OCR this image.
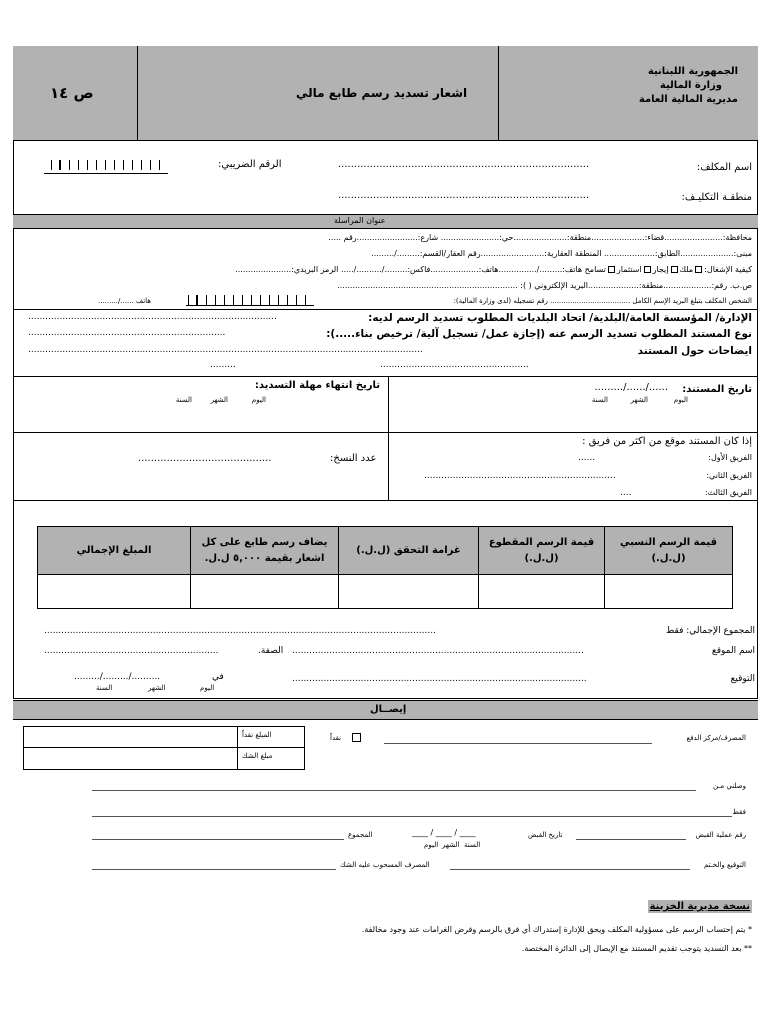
الجمهورية اللبنانية
وزارة المالية
مديرية المالية العامة
اشعار تسديد رسم طابع مالي
ص ١٤
اسم المكلف:
...............................................................................
الرقم الضريبي:
منطقـة التكليـف:
...............................................................................
عنوان المراسلة
محافظة:.......................قضاء:.....................منطقة:.....................حي:....................... شارع:........................رقم .....
مبنى:.....................الطابق:.................... المنطقة العقارية:.........................رقم العقار/القسم:........./.........
كيفية الإشغال:ملكإيجاراستثمارتسامح هاتف:........./...............هاتف:...................فاكس:........./........../..... الرمز البريدي:......................
ص.ب. رقم:...................منطقة:....................البريد الإلكتروني ( ): .......................................................................
الشخص المكلف بتبلغ البريد الإسم الكامل .................................... رقم تسجيله (لدى وزارة المالية):
هاتف ....../.........
الإدارة/ المؤسسة العامة/البلدية/ اتحاد البلديات المطلوب تسديد الرسم لديه:
.......................................................................................
نوع المستند المطلوب تسديد الرسم عنه (إجازة عمل/ تسجيل آلية/ ترخيص بناء.....):
.....................................................................
ايضاحات حول المستند
..........................................................................................................................................
.........	....................................................
تاريخ المستند:
....../....../.........
اليوم
الشهر
السنة
تاريخ انتهاء مهلة التسديد:
اليوم
الشهر
السنة
إذا كان المستند موقع من اكثر من فريق :
الفريق الأول:
......
الفريق الثاني:
...................................................................
الفريق الثالث:
....
عدد النسخ:
..........................................
قيمة الرسم النسبي (ل.ل.)	قيمة الرسم المقطوع (ل.ل.)	غرامة التحقق (ل.ل.)	يضاف رسم طابع على كل اشعار بقيمة ٥,٠٠٠ ل.ل.	المبلغ الإجمالي

المجموع الإجمالي: فقط
.........................................................................................................................................
اسم الموقع
......................................................................................................
الصفة.
.............................................................
التوقيع
.......................................................................................................
في
........../........./.........
اليوم
الشهر
السنة
إيصــال
المبلغ نقداً
مبلغ الشك
نقداً	المصرف/مركز الدفع
وصلني مـن
فقط
رقم عملية القبض
تاريخ القبض
____ / ____ / ____
اليوم الشهر السنة
المجموع
التوقيع والخـتم
المصرف المسحوب عليه الشك
نسخة مديرية الخزينة
* يتم إحتساب الرسم على مسؤولية المكلف ويحق للإدارة إستدراك أي فرق بالرسم وفرض الغرامات عند وجود مخالفة.
** بعد التسديد يتوجب تقديم المستند مع الإيصال إلى الدائرة المختصة.
